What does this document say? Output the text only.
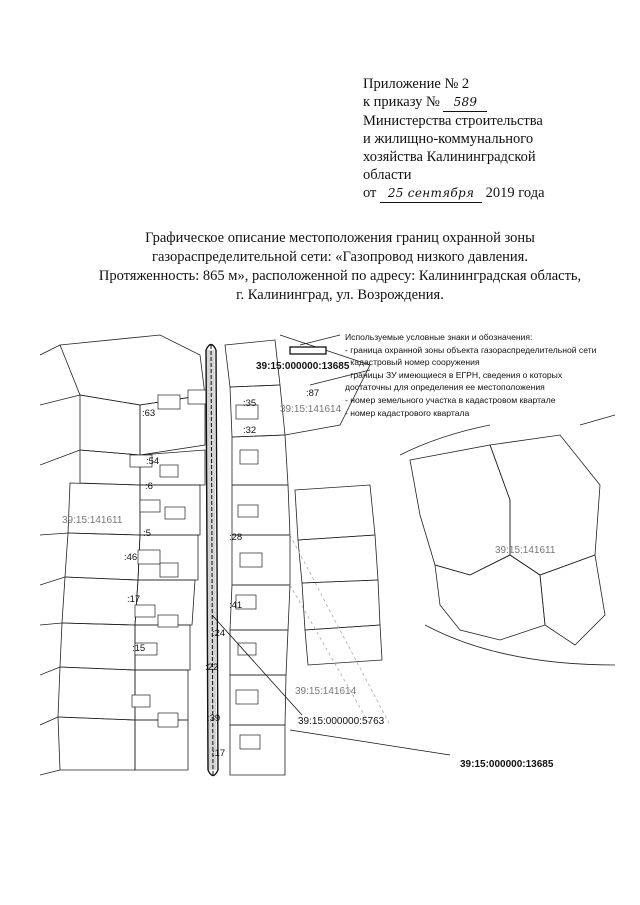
Приложение № 2
к приказу № 589
Министерства строительства
и жилищно-коммунального
хозяйства Калининградской
области
от 25 сентября 2019 года
Графическое описание местоположения границ охранной зоны
газораспределительной сети: «Газопровод низкого давления.
Протяженность: 865 м», расположенной по адресу: Калининградская область,
г. Калининград, ул. Возрождения.
Используемые условные знаки и обозначения:
- граница охранной зоны объекта газораспределительной сети
- кадастровый номер сооружения
- границы ЗУ имеющиеся в ЕГРН, сведения о которых
достаточны для определения ее местоположения
- номер земельного участка в кадастровом квартале
- номер кадастрового квартала
39:15:000000:13685
39:15:141614
39:15:141611
39:15:141611
39:15:141614
39:15:000000:5763
39:15:000000:13685
:87
:35
:63
:32
:54
:6
:28
:5
:46
:41
:17
:24
:15
:22
:39
:17
